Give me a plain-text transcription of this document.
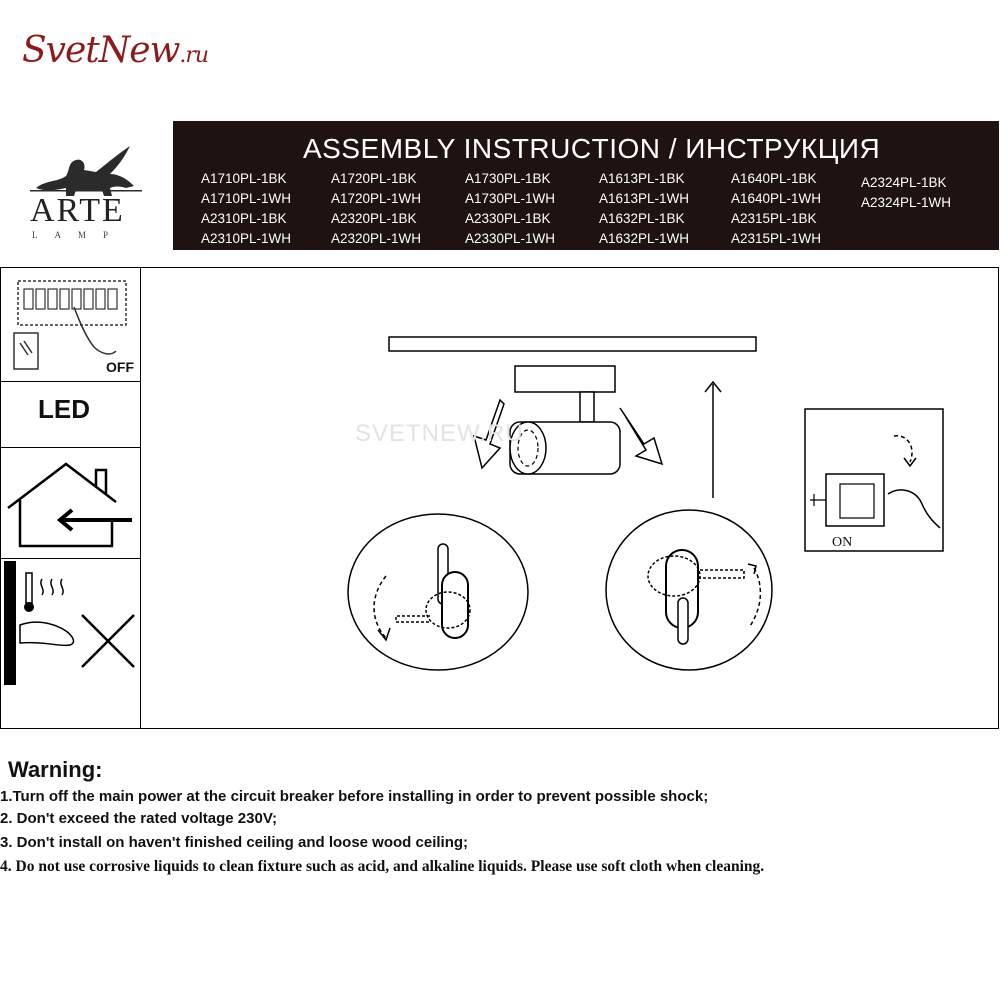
SvetNew.ru
ARTE
LAMP
ASSEMBLY INSTRUCTION / ИНСТРУКЦИЯ
A1710PL-1BK
A1710PL-1WH
A2310PL-1BK
A2310PL-1WH
A1720PL-1BK
A1720PL-1WH
A2320PL-1BK
A2320PL-1WH
A1730PL-1BK
A1730PL-1WH
A2330PL-1BK
A2330PL-1WH
A1613PL-1BK
A1613PL-1WH
A1632PL-1BK
A1632PL-1WH
A1640PL-1BK
A1640PL-1WH
A2315PL-1BK
A2315PL-1WH
A2324PL-1BK
A2324PL-1WH
OFF
LED
SVETNEW.RU
ON
Warning:
1.Turn off the main power at the circuit breaker before installing in order to prevent possible shock;
2. Don't exceed the rated voltage 230V;
3. Don't install on haven't finished ceiling and loose wood ceiling;
4. Do not use corrosive liquids to clean fixture such as acid, and alkaline liquids. Please use soft cloth when cleaning.
